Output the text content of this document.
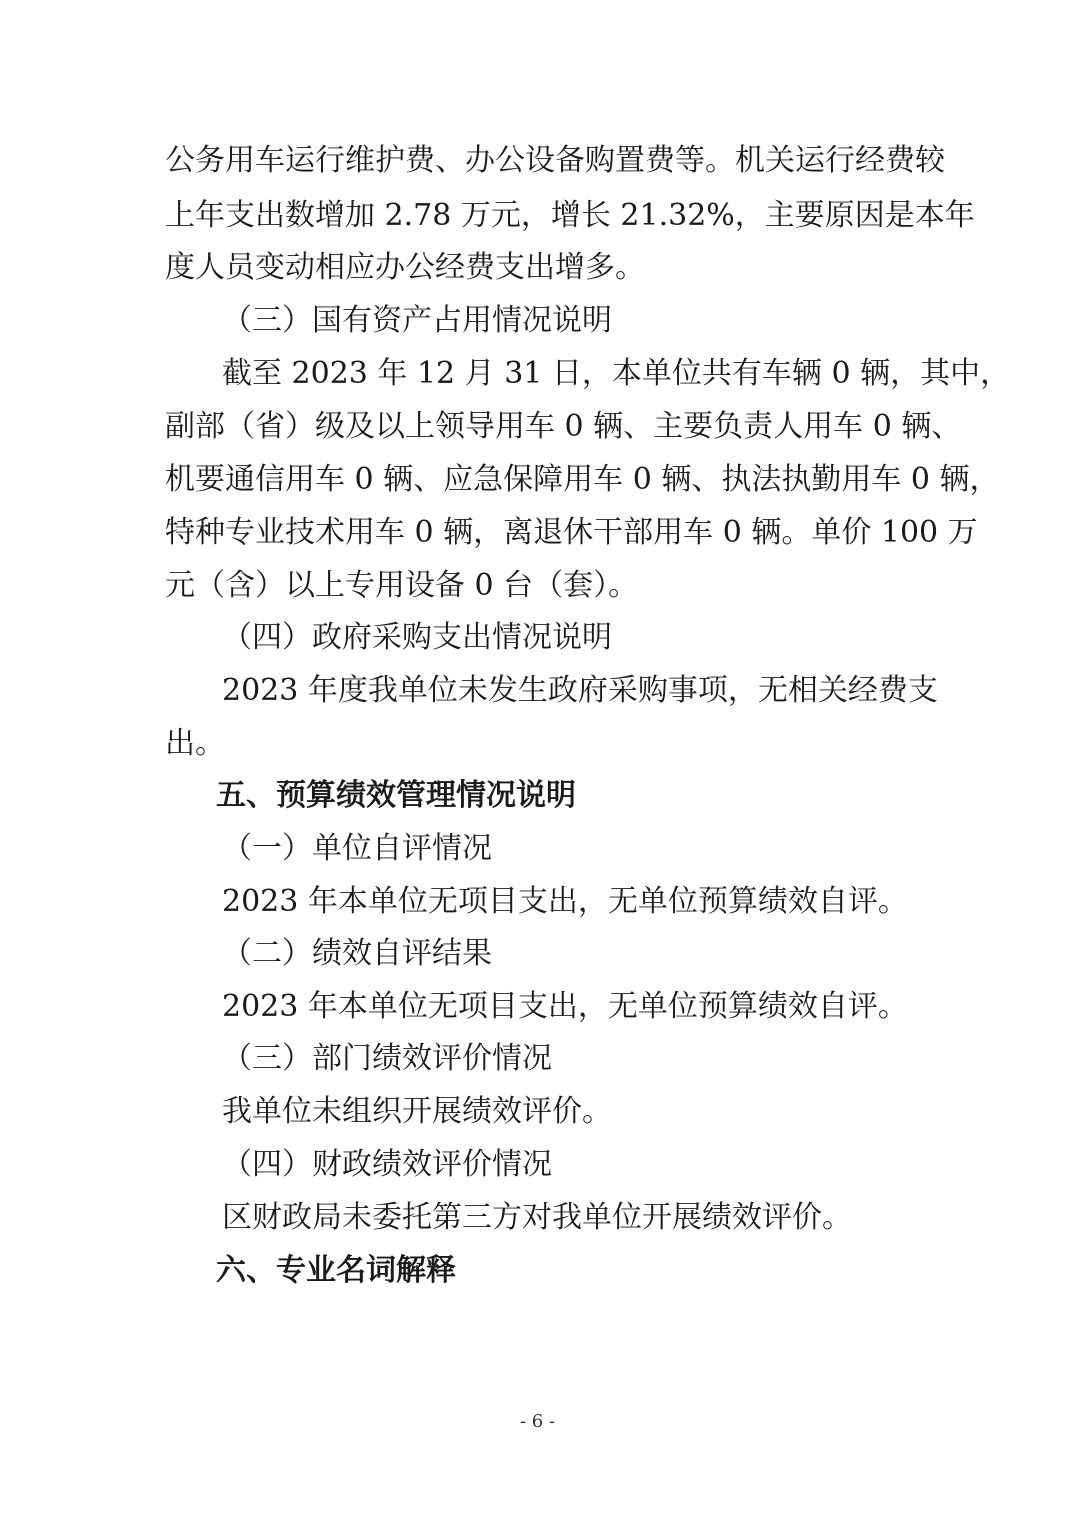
公务用车运行维护费、办公设备购置费等。机关运行经费较
上年支出数增加 2.78 万元，增长 21.32%，主要原因是本年
度人员变动相应办公经费支出增多。
（三）国有资产占用情况说明
截至 2023 年 12 月 31 日，本单位共有车辆 0 辆，其中，
副部（省）级及以上领导用车 0 辆、主要负责人用车 0 辆、
机要通信用车 0 辆、应急保障用车 0 辆、执法执勤用车 0 辆，
特种专业技术用车 0 辆，离退休干部用车 0 辆。单价 100 万
元（含）以上专用设备 0 台（套）。
（四）政府采购支出情况说明
2023 年度我单位未发生政府采购事项，无相关经费支
出。
五、预算绩效管理情况说明
（一）单位自评情况
2023 年本单位无项目支出，无单位预算绩效自评。
（二）绩效自评结果
2023 年本单位无项目支出，无单位预算绩效自评。
（三）部门绩效评价情况
我单位未组织开展绩效评价。
（四）财政绩效评价情况
区财政局未委托第三方对我单位开展绩效评价。
六、专业名词解释
- 6 -
